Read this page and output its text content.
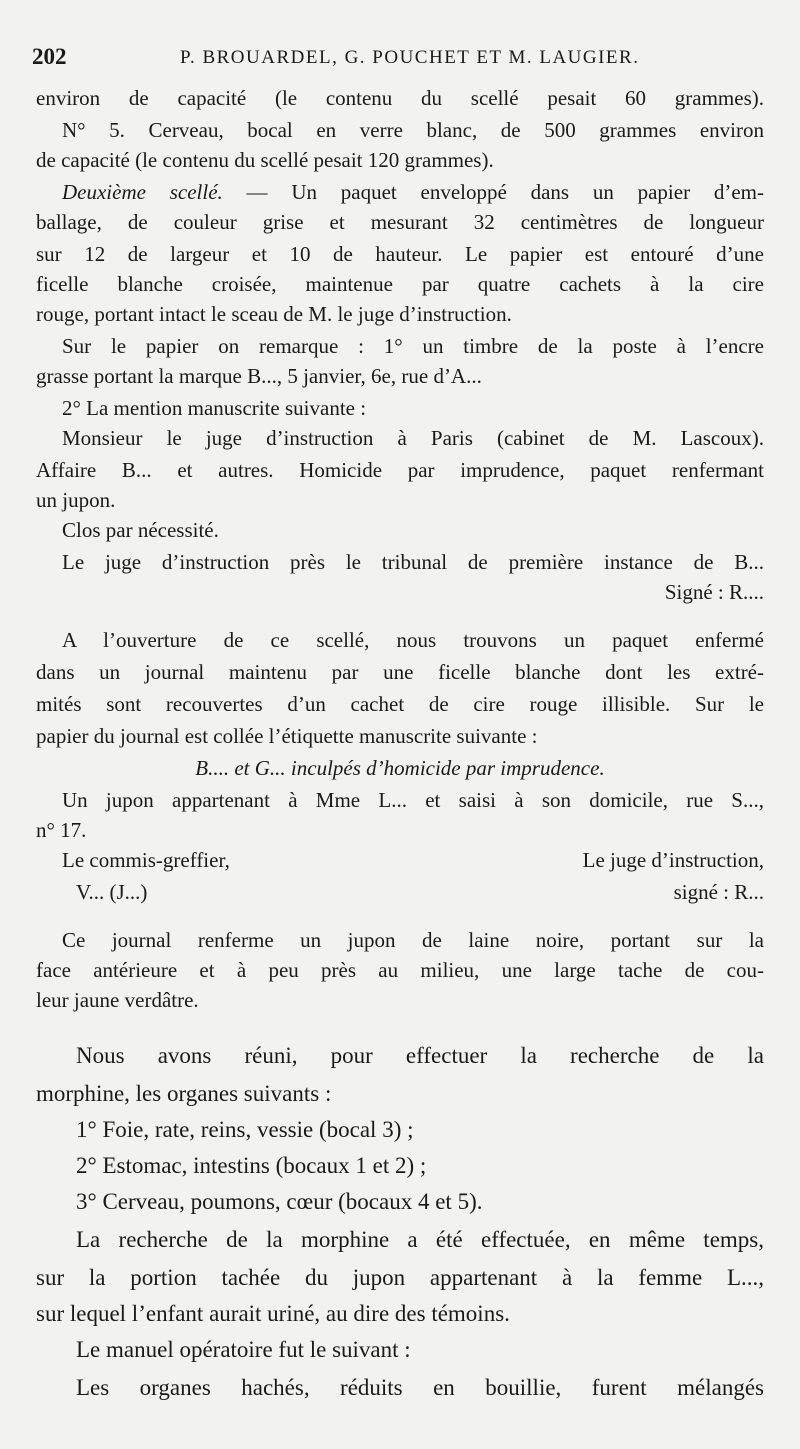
202	P. BROUARDEL, G. POUCHET ET M. LAUGIER.
environ de capacité (le contenu du scellé pesait 60 grammes).
N° 5. Cerveau, bocal en verre blanc, de 500 grammes environ
de capacité (le contenu du scellé pesait 120 grammes).
Deuxième scellé. — Un paquet enveloppé dans un papier d’em-
ballage, de couleur grise et mesurant 32 centimètres de longueur
sur 12 de largeur et 10 de hauteur. Le papier est entouré d’une
ficelle blanche croisée, maintenue par quatre cachets à la cire
rouge, portant intact le sceau de M. le juge d’instruction.
Sur le papier on remarque : 1° un timbre de la poste à l’encre
grasse portant la marque B..., 5 janvier, 6e, rue d’A...
2° La mention manuscrite suivante :
Monsieur le juge d’instruction à Paris (cabinet de M. Lascoux).
Affaire B... et autres. Homicide par imprudence, paquet renfermant
un jupon.
Clos par nécessité.
Le juge d’instruction près le tribunal de première instance de B...
Signé : R....
A l’ouverture de ce scellé, nous trouvons un paquet enfermé
dans un journal maintenu par une ficelle blanche dont les extré-
mités sont recouvertes d’un cachet de cire rouge illisible. Sur le
papier du journal est collée l’étiquette manuscrite suivante :
B.... et G... inculpés d’homicide par imprudence.
Un jupon appartenant à Mme L... et saisi à son domicile, rue S...,
n° 17.
Le commis-greffier,	Le juge d’instruction,
V... (J...)	signé : R...
Ce journal renferme un jupon de laine noire, portant sur la
face antérieure et à peu près au milieu, une large tache de cou-
leur jaune verdâtre.
Nous avons réuni, pour effectuer la recherche de la
morphine, les organes suivants :
1° Foie, rate, reins, vessie (bocal 3) ;
2° Estomac, intestins (bocaux 1 et 2) ;
3° Cerveau, poumons, cœur (bocaux 4 et 5).
La recherche de la morphine a été effectuée, en même temps,
sur la portion tachée du jupon appartenant à la femme L...,
sur lequel l’enfant aurait uriné, au dire des témoins.
Le manuel opératoire fut le suivant :
Les organes hachés, réduits en bouillie, furent mélangés
